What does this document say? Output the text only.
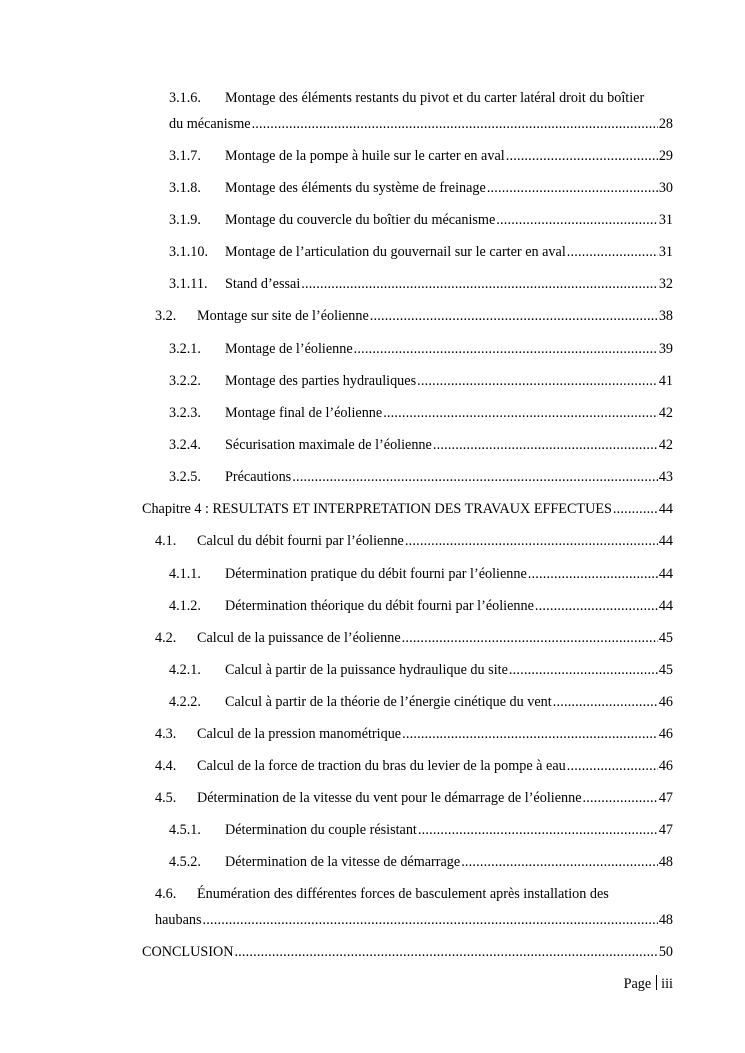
3.1.6. Montage des éléments restants du pivot et du carter latéral droit du boîtier
du mécanisme .....	28
3.1.7. Montage de la pompe à huile sur le carter en aval .....	29
3.1.8. Montage des éléments du système de freinage .....	30
3.1.9. Montage du couvercle du boîtier du mécanisme .....	31
3.1.10. Montage de l’articulation du gouvernail sur le carter en aval .....	31
3.1.11. Stand d’essai .....	32
3.2. Montage sur site de l’éolienne .....	38
3.2.1. Montage de l’éolienne .....	39
3.2.2. Montage des parties hydrauliques .....	41
3.2.3. Montage final de l’éolienne .....	42
3.2.4. Sécurisation maximale de l’éolienne .....	42
3.2.5. Précautions .....	43
Chapitre 4 : RESULTATS ET INTERPRETATION DES TRAVAUX EFFECTUES .....	44
4.1. Calcul du débit fourni par l’éolienne .....	44
4.1.1. Détermination pratique du débit fourni par l’éolienne .....	44
4.1.2. Détermination théorique du débit fourni par l’éolienne .....	44
4.2. Calcul de la puissance de l’éolienne .....	45
4.2.1. Calcul à partir de la puissance hydraulique du site .....	45
4.2.2. Calcul à partir de la théorie de l’énergie cinétique du vent .....	46
4.3. Calcul de la pression manométrique .....	46
4.4. Calcul de la force de traction du bras du levier de la pompe à eau .....	46
4.5. Détermination de la vitesse du vent pour le démarrage de l’éolienne .....	47
4.5.1. Détermination du couple résistant .....	47
4.5.2. Détermination de la vitesse de démarrage .....	48
4.6. Énumération des différentes forces de basculement après installation des
haubans .....	48
CONCLUSION .....	50
Page iii
